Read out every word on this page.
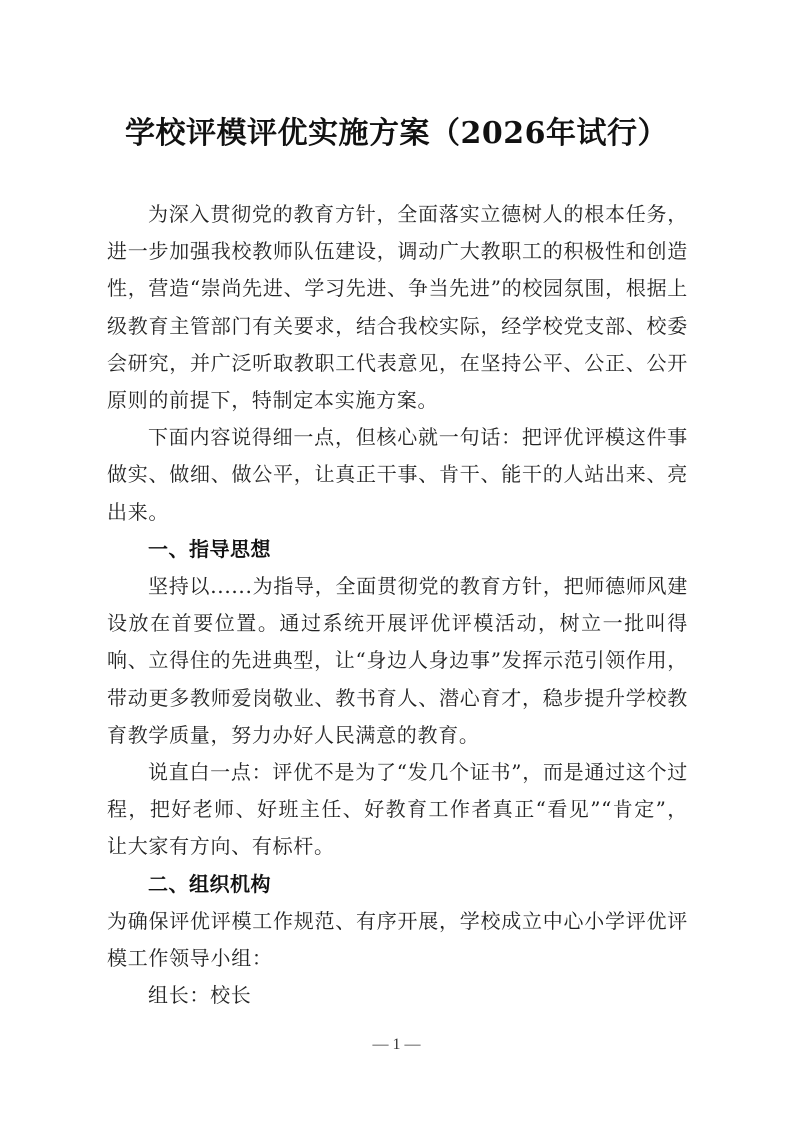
学校评模评优实施方案（2026年试行）

为深入贯彻党的教育方针，全面落实立德树人的根本任务，进一步加强我校教师队伍建设，调动广大教职工的积极性和创造性，营造“崇尚先进、学习先进、争当先进”的校园氛围，根据上级教育主管部门有关要求，结合我校实际，经学校党支部、校委会研究，并广泛听取教职工代表意见，在坚持公平、公正、公开原则的前提下，特制定本实施方案。

下面内容说得细一点，但核心就一句话：把评优评模这件事做实、做细、做公平，让真正干事、肯干、能干的人站出来、亮出来。

一、指导思想

坚持以......为指导，全面贯彻党的教育方针，把师德师风建设放在首要位置。通过系统开展评优评模活动，树立一批叫得响、立得住的先进典型，让“身边人身边事”发挥示范引领作用，带动更多教师爱岗敬业、教书育人、潜心育才，稳步提升学校教育教学质量，努力办好人民满意的教育。

说直白一点：评优不是为了“发几个证书”，而是通过这个过程，把好老师、好班主任、好教育工作者真正“看见”“肯定”，让大家有方向、有标杆。

二、组织机构

为确保评优评模工作规范、有序开展，学校成立中心小学评优评模工作领导小组：

组长：校长

— 1 —
